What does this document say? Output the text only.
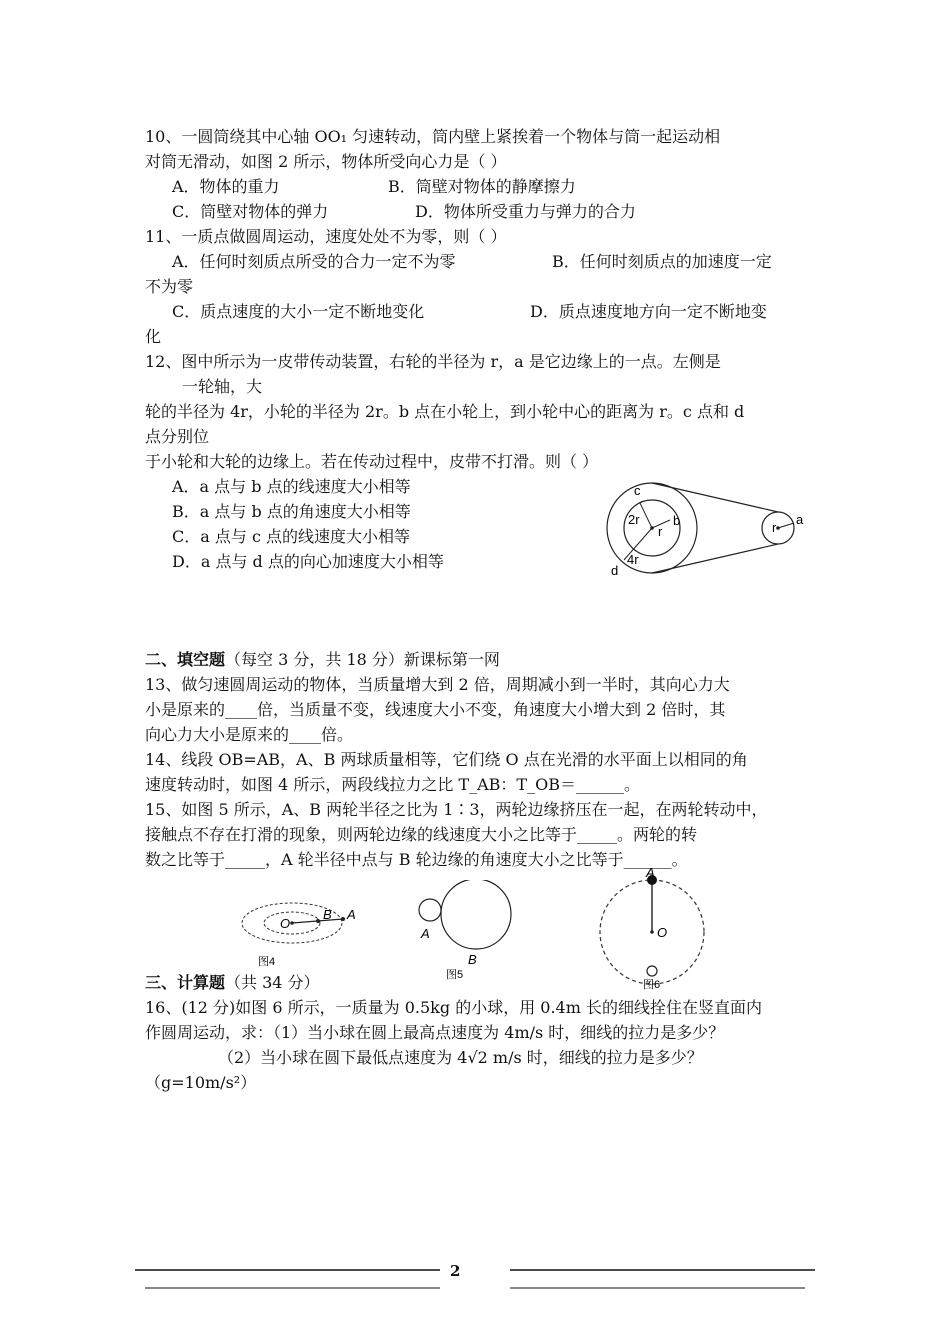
10、一圆筒绕其中心轴 OO₁ 匀速转动，筒内壁上紧挨着一个物体与筒一起运动相
对筒无滑动，如图 2 所示，物体所受向心力是（ ）
A．物体的重力	B．筒壁对物体的静摩擦力
C．筒壁对物体的弹力	D．物体所受重力与弹力的合力
11、一质点做圆周运动，速度处处不为零，则（ ）
A．任何时刻质点所受的合力一定不为零	B．任何时刻质点的加速度一定
不为零
C．质点速度的大小一定不断地变化	D．质点速度地方向一定不断地变
化
12、图中所示为一皮带传动装置，右轮的半径为 r，a 是它边缘上的一点。左侧是
一轮轴，大
轮的半径为 4r，小轮的半径为 2r。b 点在小轮上，到小轮中心的距离为 r。c 点和 d
点分别位
于小轮和大轮的边缘上。若在传动过程中，皮带不打滑。则（ ）
A．a 点与 b 点的线速度大小相等
B．a 点与 b 点的角速度大小相等
C．a 点与 c 点的线速度大小相等
D．a 点与 d 点的向心加速度大小相等
c
2r	b
r
4r
d
r
a
二、填空题（每空 3 分，共 18 分）新课标第一网
13、做匀速圆周运动的物体，当质量增大到 2 倍，周期减小到一半时，其向心力大
小是原来的____倍，当质量不变，线速度大小不变，角速度大小增大到 2 倍时，其
向心力大小是原来的____倍。
14、线段 OB=AB，A、B 两球质量相等，它们绕 O 点在光滑的水平面上以相同的角
速度转动时，如图 4 所示，两段线拉力之比 T_AB：T_OB＝______。
15、如图 5 所示，A、B 两轮半径之比为 1∶3，两轮边缘挤压在一起，在两轮转动中，
接触点不存在打滑的现象，则两轮边缘的线速度大小之比等于_____。两轮的转
数之比等于_____，A 轮半径中点与 B 轮边缘的角速度大小之比等于______。
O
B A
图4
A
B
图5
A
O
图6
三、计算题（共 34 分）
16、(12 分)如图 6 所示，一质量为 0.5kg 的小球，用 0.4m 长的细线拴住在竖直面内
作圆周运动，求：（1）当小球在圆上最高点速度为 4m/s 时，细线的拉力是多少？
（2）当小球在圆下最低点速度为 4√2 m/s 时，细线的拉力是多少？
（g=10m/s²）
2
